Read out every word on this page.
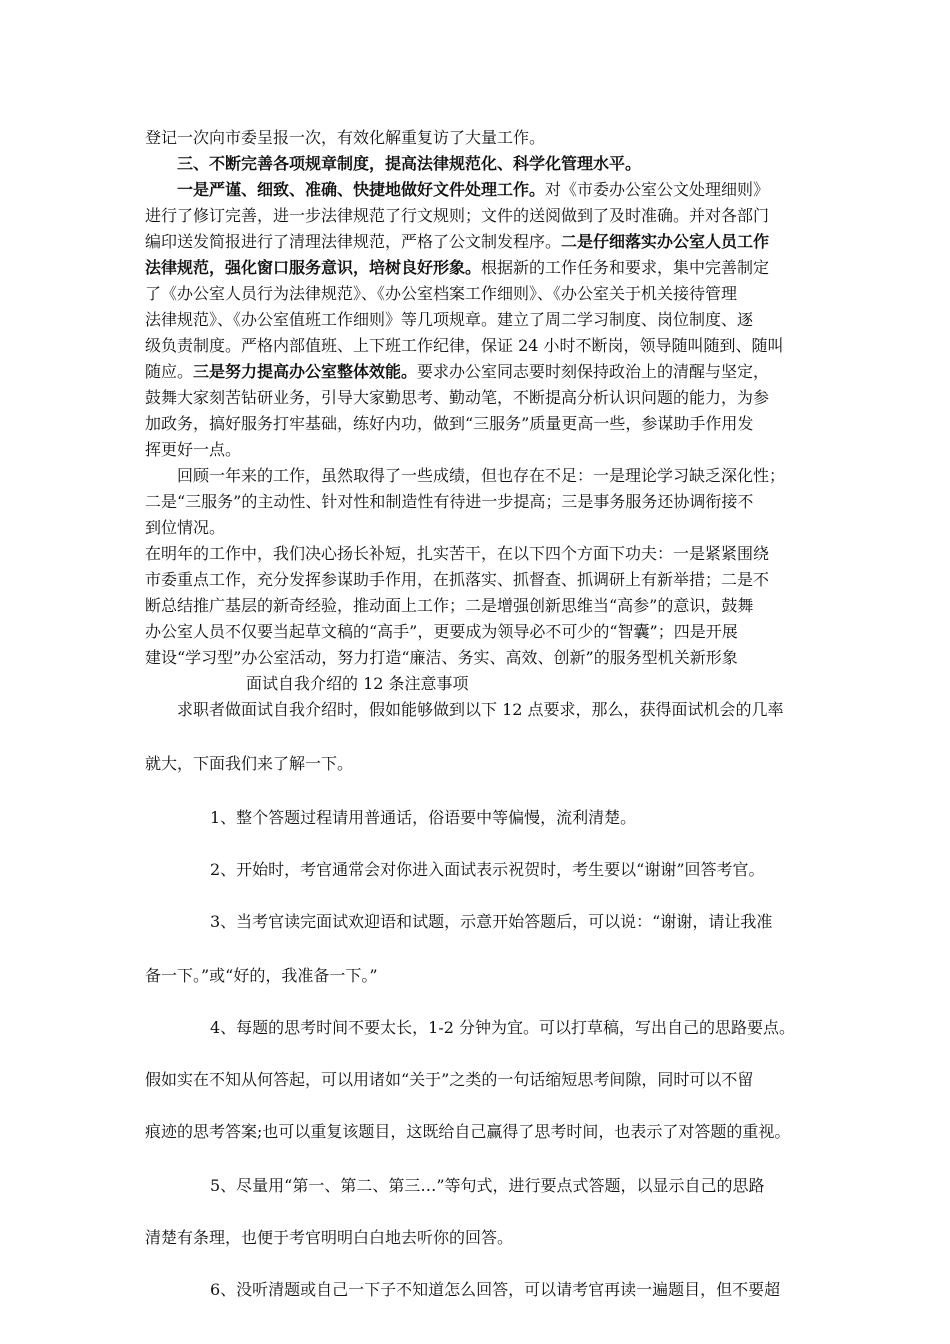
登记一次向市委呈报一次，有效化解重复访了大量工作。
三、不断完善各项规章制度，提高法律规范化、科学化管理水平。
一是严谨、细致、准确、快捷地做好文件处理工作。对《市委办公室公文处理细则》
进行了修订完善，进一步法律规范了行文规则；文件的送阅做到了及时准确。并对各部门
编印送发简报进行了清理法律规范，严格了公文制发程序。二是仔细落实办公室人员工作
法律规范，强化窗口服务意识，培树良好形象。根据新的工作任务和要求，集中完善制定
了《办公室人员行为法律规范》、《办公室档案工作细则》、《办公室关于机关接待管理
法律规范》、《办公室值班工作细则》等几项规章。建立了周二学习制度、岗位制度、逐
级负责制度。严格内部值班、上下班工作纪律，保证 24 小时不断岗，领导随叫随到、随叫
随应。三是努力提高办公室整体效能。要求办公室同志要时刻保持政治上的清醒与坚定，
鼓舞大家刻苦钻研业务，引导大家勤思考、勤动笔，不断提高分析认识问题的能力，为参
加政务，搞好服务打牢基础，练好内功，做到“三服务”质量更高一些，参谋助手作用发
挥更好一点。
回顾一年来的工作，虽然取得了一些成绩，但也存在不足：一是理论学习缺乏深化性；
二是“三服务”的主动性、针对性和制造性有待进一步提高；三是事务服务还协调衔接不
到位情况。
在明年的工作中，我们决心扬长补短，扎实苦干，在以下四个方面下功夫：一是紧紧围绕
市委重点工作，充分发挥参谋助手作用，在抓落实、抓督查、抓调研上有新举措；二是不
断总结推广基层的新奇经验，推动面上工作；二是增强创新思维当“高参”的意识，鼓舞
办公室人员不仅要当起草文稿的“高手”，更要成为领导必不可少的“智囊”；四是开展
建设“学习型”办公室活动，努力打造“廉洁、务实、高效、创新”的服务型机关新形象
面试自我介绍的 12 条注意事项
求职者做面试自我介绍时，假如能够做到以下 12 点要求，那么，获得面试机会的几率
就大，下面我们来了解一下。
1、整个答题过程请用普通话，俗语要中等偏慢，流利清楚。
2、开始时，考官通常会对你进入面试表示祝贺时，考生要以“谢谢”回答考官。
3、当考官读完面试欢迎语和试题，示意开始答题后，可以说：“谢谢，请让我准
备一下。”或“好的，我准备一下。”
4、每题的思考时间不要太长，1-2 分钟为宜。可以打草稿，写出自己的思路要点。
假如实在不知从何答起，可以用诸如“关于”之类的一句话缩短思考间隙，同时可以不留
痕迹的思考答案;也可以重复该题目，这既给自己赢得了思考时间，也表示了对答题的重视。
5、尽量用“第一、第二、第三…”等句式，进行要点式答题，以显示自己的思路
清楚有条理，也便于考官明明白白地去听你的回答。
6、没听清题或自己一下子不知道怎么回答，可以请考官再读一遍题目，但不要超
